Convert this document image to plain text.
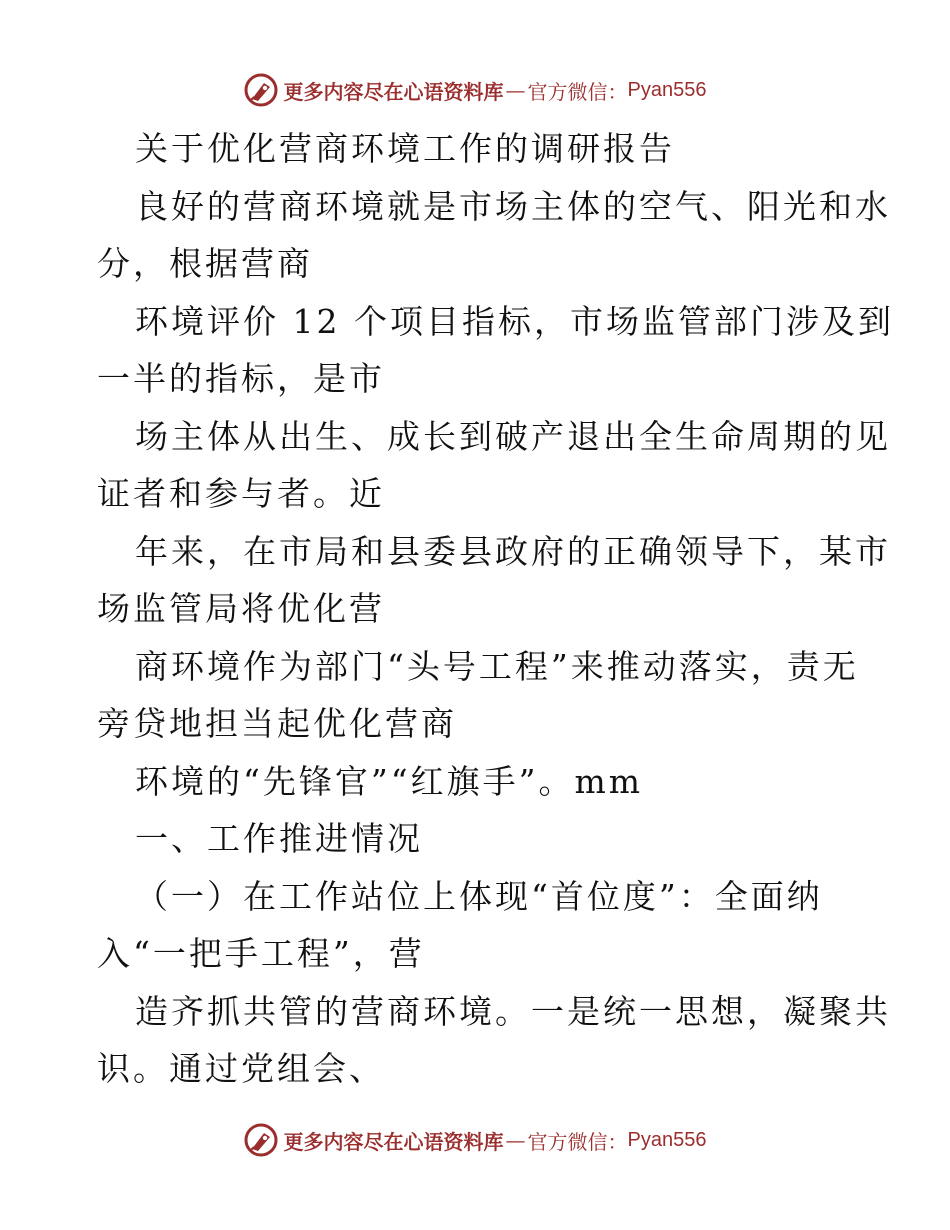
更多内容尽在心语资料库 — 官方微信： Pyan556
关于优化营商环境工作的调研报告
良好的营商环境就是市场主体的空气、阳光和水
分，根据营商
环境评价 12 个项目指标，市场监管部门涉及到
一半的指标，是市
场主体从出生、成长到破产退出全生命周期的见
证者和参与者。近
年来，在市局和县委县政府的正确领导下，某市
场监管局将优化营
商环境作为部门“头号工程”来推动落实，责无
旁贷地担当起优化营商
环境的“先锋官”“红旗手”。mm
一、工作推进情况
（一）在工作站位上体现“首位度”：全面纳
入“一把手工程”，营
造齐抓共管的营商环境。一是统一思想，凝聚共
识。通过党组会、
更多内容尽在心语资料库 — 官方微信： Pyan556
